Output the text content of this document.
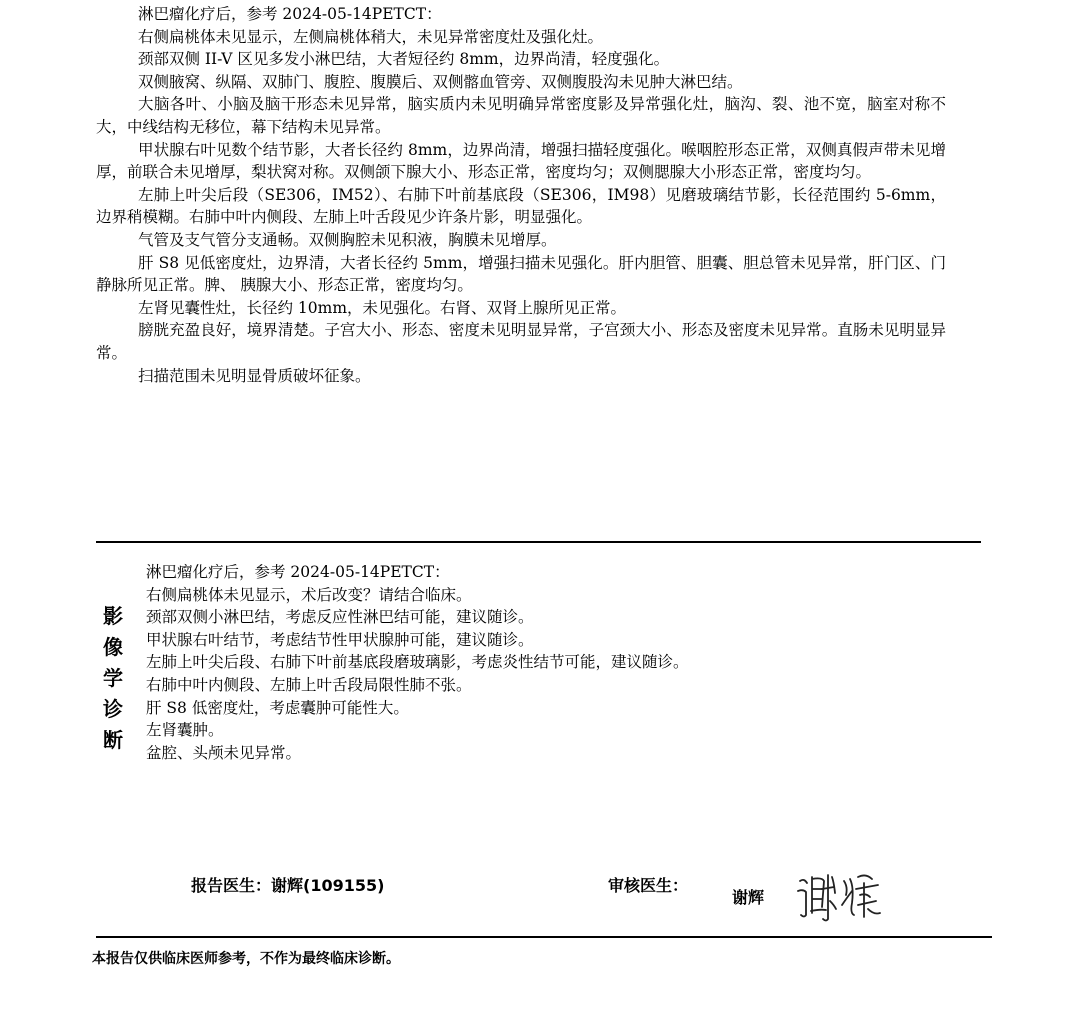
淋巴瘤化疗后，参考 2024-05-14PETCT：

右侧扁桃体未见显示，左侧扁桃体稍大，未见异常密度灶及强化灶。

颈部双侧 II-V 区见多发小淋巴结，大者短径约 8mm，边界尚清，轻度强化。

双侧腋窝、纵隔、双肺门、腹腔、腹膜后、双侧髂血管旁、双侧腹股沟未见肿大淋巴结。

大脑各叶、小脑及脑干形态未见异常，脑实质内未见明确异常密度影及异常强化灶，脑沟、裂、池不宽，脑室对称不大，中线结构无移位，幕下结构未见异常。

甲状腺右叶见数个结节影，大者长径约 8mm，边界尚清，增强扫描轻度强化。喉咽腔形态正常，双侧真假声带未见增厚，前联合未见增厚，梨状窝对称。双侧颌下腺大小、形态正常，密度均匀；双侧腮腺大小形态正常，密度均匀。

左肺上叶尖后段（SE306，IM52）、右肺下叶前基底段（SE306，IM98）见磨玻璃结节影，长径范围约 5-6mm，边界稍模糊。右肺中叶内侧段、左肺上叶舌段见少许条片影，明显强化。

气管及支气管分支通畅。双侧胸腔未见积液，胸膜未见增厚。

肝 S8 见低密度灶，边界清，大者长径约 5mm，增强扫描未见强化。肝内胆管、胆囊、胆总管未见异常，肝门区、门静脉所见正常。脾、 胰腺大小、形态正常，密度均匀。

左肾见囊性灶，长径约 10mm，未见强化。右肾、双肾上腺所见正常。

膀胱充盈良好，境界清楚。子宫大小、形态、密度未见明显异常，子宫颈大小、形态及密度未见异常。直肠未见明显异常。

扫描范围未见明显骨质破坏征象。

影
像
学
诊
断

淋巴瘤化疗后，参考 2024-05-14PETCT：

右侧扁桃体未见显示，术后改变？请结合临床。

颈部双侧小淋巴结，考虑反应性淋巴结可能，建议随诊。

甲状腺右叶结节，考虑结节性甲状腺肿可能，建议随诊。

左肺上叶尖后段、右肺下叶前基底段磨玻璃影，考虑炎性结节可能，建议随诊。

右肺中叶内侧段、左肺上叶舌段局限性肺不张。

肝 S8 低密度灶，考虑囊肿可能性大。

左肾囊肿。

盆腔、头颅未见异常。

报告医生：谢辉(109155)	审核医生：
谢辉
本报告仅供临床医师参考，不作为最终临床诊断。
